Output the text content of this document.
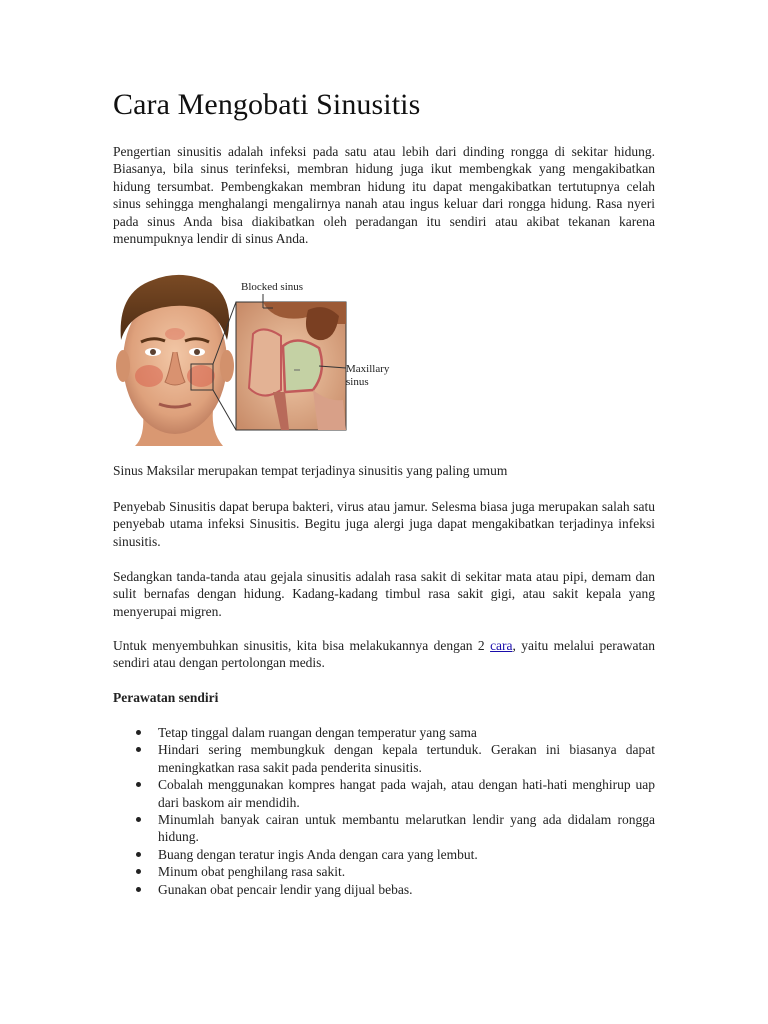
Cara Mengobati Sinusitis

Pengertian sinusitis adalah infeksi pada satu atau lebih dari dinding rongga di sekitar hidung. Biasanya, bila sinus terinfeksi, membran hidung juga ikut membengkak yang mengakibatkan hidung tersumbat. Pembengkakan membran hidung itu dapat mengakibatkan tertutupnya celah sinus sehingga menghalangi mengalirnya nanah atau ingus keluar dari rongga hidung. Rasa nyeri pada sinus Anda bisa diakibatkan oleh peradangan itu sendiri atau akibat tekanan karena menumpuknya lendir di sinus Anda.

Blocked sinus
Maxillary
sinus

Sinus Maksilar merupakan tempat terjadinya sinusitis yang paling umum

Penyebab Sinusitis dapat berupa bakteri, virus atau jamur. Selesma biasa juga merupakan salah satu penyebab utama infeksi Sinusitis. Begitu juga alergi juga dapat mengakibatkan terjadinya infeksi sinusitis.

Sedangkan tanda-tanda atau gejala sinusitis adalah rasa sakit di sekitar mata atau pipi, demam dan sulit bernafas dengan hidung. Kadang-kadang timbul rasa sakit gigi, atau sakit kepala yang menyerupai migren.

Untuk menyembuhkan sinusitis, kita bisa melakukannya dengan 2 cara, yaitu melalui perawatan sendiri atau dengan pertolongan medis.

Perawatan sendiri

Tetap tinggal dalam ruangan dengan temperatur yang sama
Hindari sering membungkuk dengan kepala tertunduk. Gerakan ini biasanya dapat meningkatkan rasa sakit pada penderita sinusitis.
Cobalah menggunakan kompres hangat pada wajah, atau dengan hati-hati menghirup uap dari baskom air mendidih.
Minumlah banyak cairan untuk membantu melarutkan lendir yang ada didalam rongga hidung.
Buang dengan teratur ingis Anda dengan cara yang lembut.
Minum obat penghilang rasa sakit.
Gunakan obat pencair lendir yang dijual bebas.
